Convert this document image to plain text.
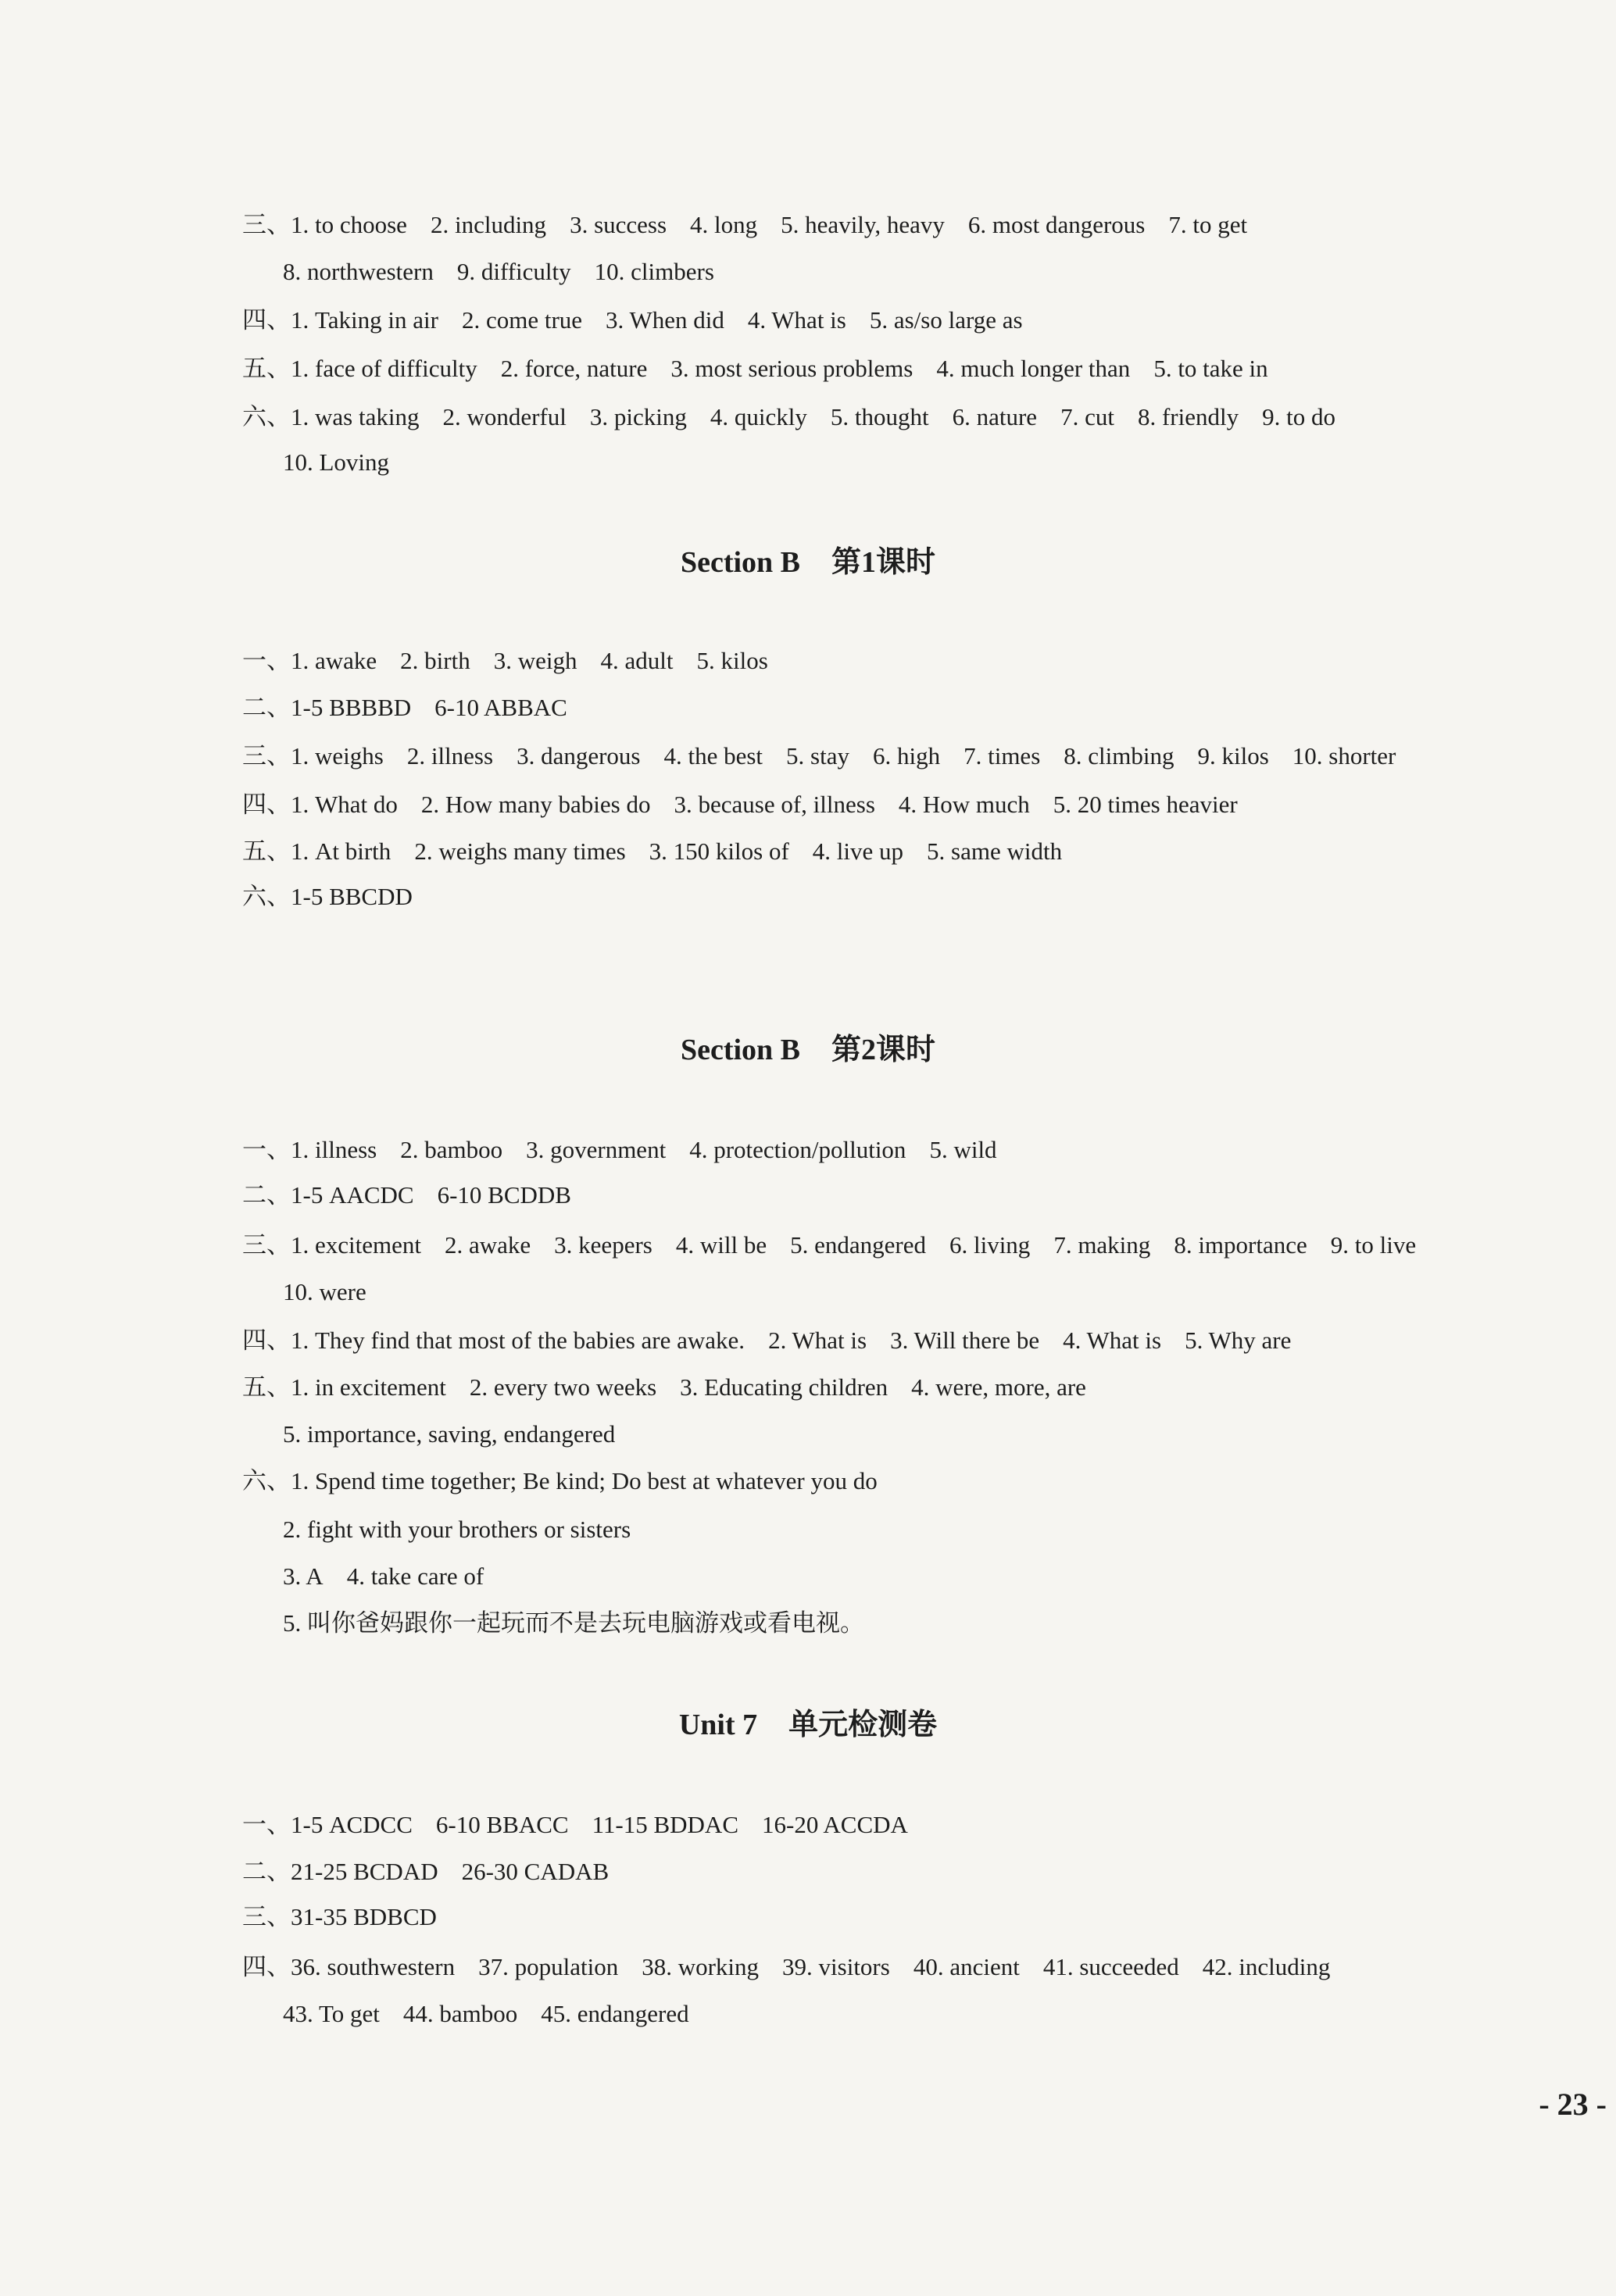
三、1. to choose 2. including 3. success 4. long 5. heavily, heavy 6. most dangerous 7. to get
8. northwestern 9. difficulty 10. climbers
四、1. Taking in air 2. come true 3. When did 4. What is 5. as/so large as
五、1. face of difficulty 2. force, nature 3. most serious problems 4. much longer than 5. to take in
六、1. was taking 2. wonderful 3. picking 4. quickly 5. thought 6. nature 7. cut 8. friendly 9. to do
10. Loving
Section B 第1课时
一、1. awake 2. birth 3. weigh 4. adult 5. kilos
二、1-5 BBBBD 6-10 ABBAC
三、1. weighs 2. illness 3. dangerous 4. the best 5. stay 6. high 7. times 8. climbing 9. kilos 10. shorter
四、1. What do 2. How many babies do 3. because of, illness 4. How much 5. 20 times heavier
五、1. At birth 2. weighs many times 3. 150 kilos of 4. live up 5. same width
六、1-5 BBCDD
Section B 第2课时
一、1. illness 2. bamboo 3. government 4. protection/pollution 5. wild
二、1-5 AACDC 6-10 BCDDB
三、1. excitement 2. awake 3. keepers 4. will be 5. endangered 6. living 7. making 8. importance 9. to live
10. were
四、1. They find that most of the babies are awake. 2. What is 3. Will there be 4. What is 5. Why are
五、1. in excitement 2. every two weeks 3. Educating children 4. were, more, are
5. importance, saving, endangered
六、1. Spend time together; Be kind; Do best at whatever you do
2. fight with your brothers or sisters
3. A 4. take care of
5. 叫你爸妈跟你一起玩而不是去玩电脑游戏或看电视。
Unit 7 单元检测卷
一、1-5 ACDCC 6-10 BBACC 11-15 BDDAC 16-20 ACCDA
二、21-25 BCDAD 26-30 CADAB
三、31-35 BDBCD
四、36. southwestern 37. population 38. working 39. visitors 40. ancient 41. succeeded 42. including
43. To get 44. bamboo 45. endangered
- 23 -
